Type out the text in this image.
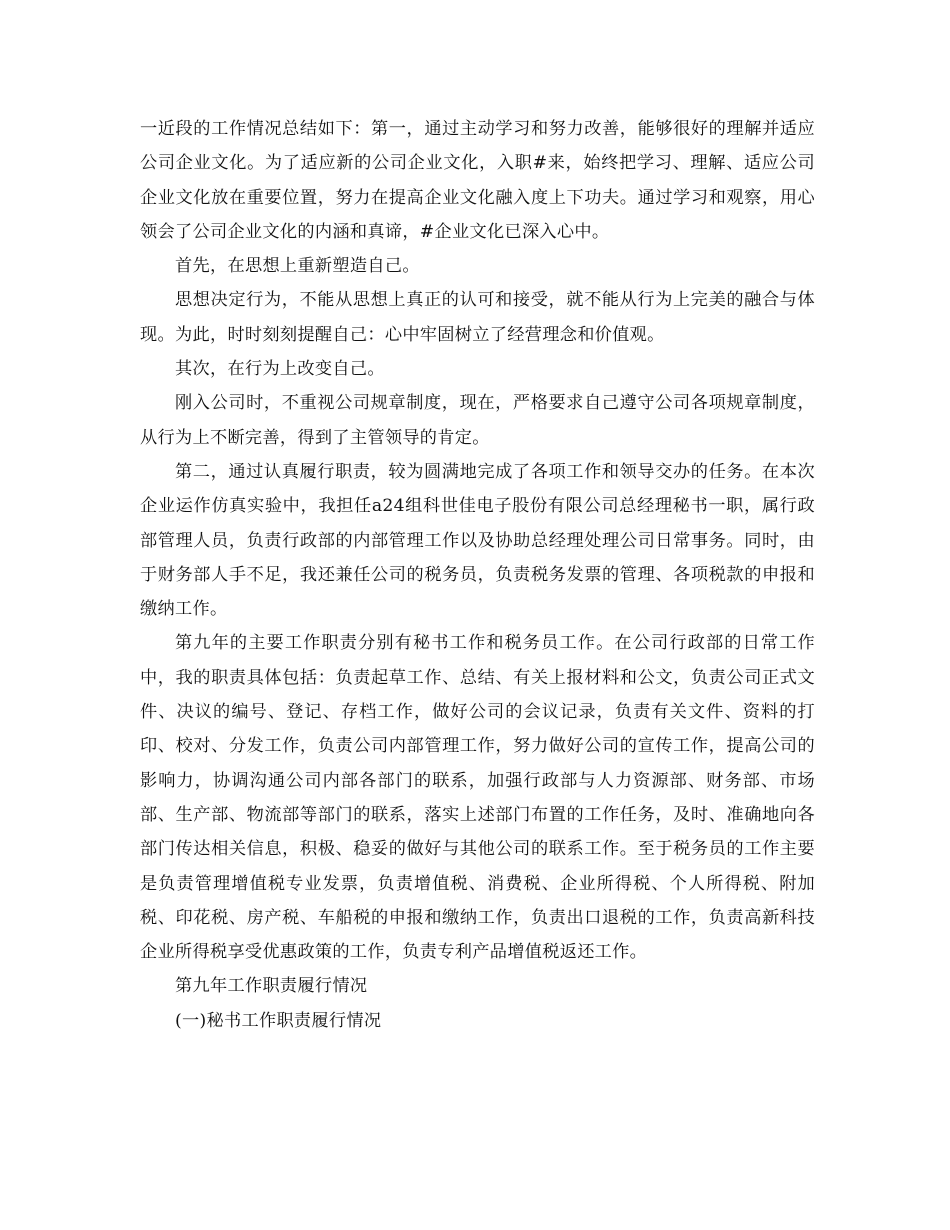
一近段的工作情况总结如下：第一，通过主动学习和努力改善，能够很好的理解并适应公司企业文化。为了适应新的公司企业文化，入职#来，始终把学习、理解、适应公司企业文化放在重要位置，努力在提高企业文化融入度上下功夫。通过学习和观察，用心领会了公司企业文化的内涵和真谛，#企业文化已深入心中。

首先，在思想上重新塑造自己。

思想决定行为，不能从思想上真正的认可和接受，就不能从行为上完美的融合与体现。为此，时时刻刻提醒自己：心中牢固树立了经营理念和价值观。

其次，在行为上改变自己。

刚入公司时，不重视公司规章制度，现在，严格要求自己遵守公司各项规章制度，从行为上不断完善，得到了主管领导的肯定。

第二，通过认真履行职责，较为圆满地完成了各项工作和领导交办的任务。在本次企业运作仿真实验中，我担任a24组科世佳电子股份有限公司总经理秘书一职，属行政部管理人员，负责行政部的内部管理工作以及协助总经理处理公司日常事务。同时，由于财务部人手不足，我还兼任公司的税务员，负责税务发票的管理、各项税款的申报和缴纳工作。

第九年的主要工作职责分别有秘书工作和税务员工作。在公司行政部的日常工作中，我的职责具体包括：负责起草工作、总结、有关上报材料和公文，负责公司正式文件、决议的编号、登记、存档工作，做好公司的会议记录，负责有关文件、资料的打印、校对、分发工作，负责公司内部管理工作，努力做好公司的宣传工作，提高公司的影响力，协调沟通公司内部各部门的联系，加强行政部与人力资源部、财务部、市场部、生产部、物流部等部门的联系，落实上述部门布置的工作任务，及时、准确地向各部门传达相关信息，积极、稳妥的做好与其他公司的联系工作。至于税务员的工作主要是负责管理增值税专业发票，负责增值税、消费税、企业所得税、个人所得税、附加税、印花税、房产税、车船税的申报和缴纳工作，负责出口退税的工作，负责高新科技企业所得税享受优惠政策的工作，负责专利产品增值税返还工作。

第九年工作职责履行情况

(一)秘书工作职责履行情况
